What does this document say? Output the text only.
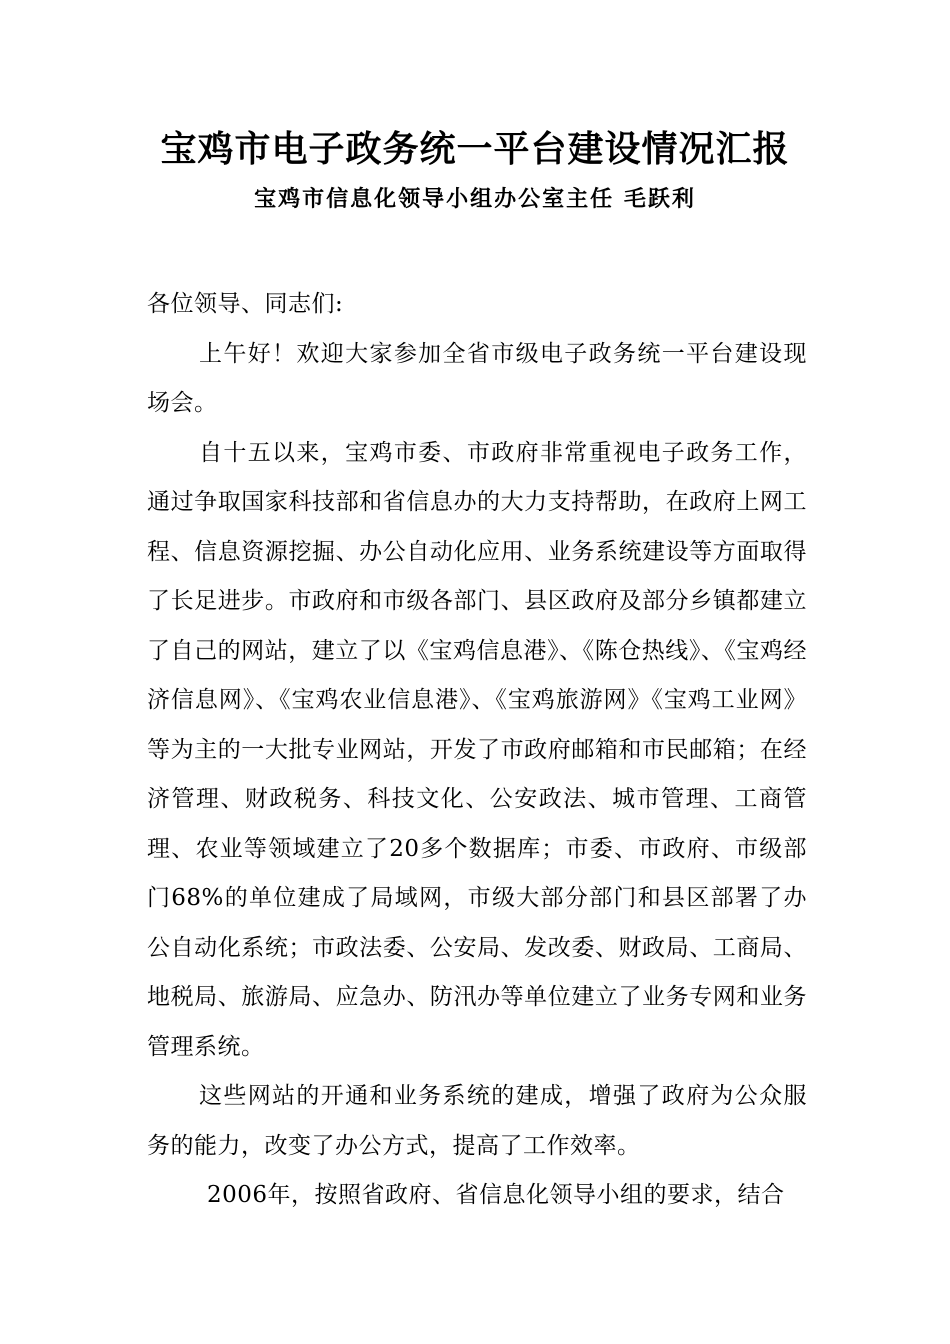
宝鸡市电子政务统一平台建设情况汇报
宝鸡市信息化领导小组办公室主任 毛跃利

各位领导、同志们:

上午好！欢迎大家参加全省市级电子政务统一平台建设现场会。

自十五以来，宝鸡市委、市政府非常重视电子政务工作，通过争取国家科技部和省信息办的大力支持帮助，在政府上网工程、信息资源挖掘、办公自动化应用、业务系统建设等方面取得了长足进步。市政府和市级各部门、县区政府及部分乡镇都建立了自己的网站，建立了以《宝鸡信息港》、《陈仓热线》、《宝鸡经济信息网》、《宝鸡农业信息港》、《宝鸡旅游网》《宝鸡工业网》等为主的一大批专业网站，开发了市政府邮箱和市民邮箱；在经济管理、财政税务、科技文化、公安政法、城市管理、工商管理、农业等领域建立了20多个数据库；市委、市政府、市级部门68%的单位建成了局域网，市级大部分部门和县区部署了办公自动化系统；市政法委、公安局、发改委、财政局、工商局、地税局、旅游局、应急办、防汛办等单位建立了业务专网和业务管理系统。

这些网站的开通和业务系统的建成，增强了政府为公众服务的能力，改变了办公方式，提高了工作效率。

2006年，按照省政府、省信息化领导小组的要求，结合
